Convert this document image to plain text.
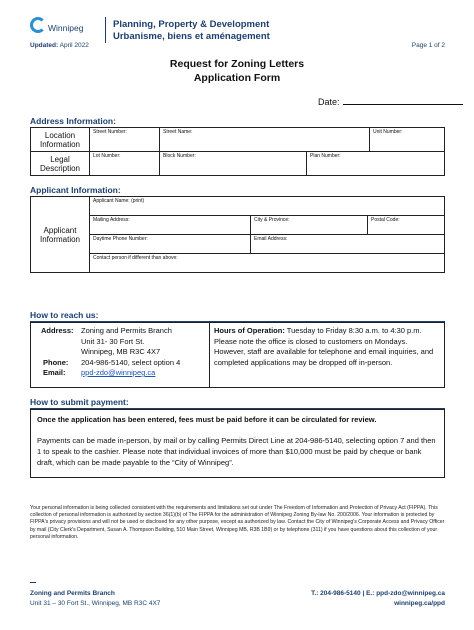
Winnipeg	Planning, Property & Development
Urbanisme, biens et aménagement
Updated: April 2022	Page 1 of 2
Request for Zoning Letters
Application Form
Date:
Address Information:
Location Information	Street Number:	Street Name:		Unit Number:
Legal Description	Lot Number:	Block Number:	Plan Number:	
Applicant Information:
Applicant Information	Applicant Name: (print)		
	Mailing Address:	City & Province:	Postal Code:
	Daytime Phone Number:	Email Address:	
	Contact person if different than above:		
How to reach us:
Address: Zoning and Permits Branch
Unit 31- 30 Fort St.
Winnipeg, MB R3C 4X7
Phone: 204-986-5140, select option 4
Email: ppd-zdo@winnipeg.ca
Hours of Operation: Tuesday to Friday 8:30 a.m. to 4:30 p.m. Please note the office is closed to customers on Mondays. However, staff are available for telephone and email inquiries, and completed applications may be dropped off in-person.
How to submit payment:
Once the application has been entered, fees must be paid before it can be circulated for review.
Payments can be made in-person, by mail or by calling Permits Direct Line at 204-986-5140, selecting option 7 and then 1 to speak to the cashier. Please note that individual invoices of more than $10,000 must be paid by cheque or bank draft, which can be made payable to the “City of Winnipeg”.
Your personal information is being collected consistent with the requirements and limitations set out under The Freedom of Information and Protection of Privacy Act (FIPPA). This collection of personal information is authorized by section 36(1)(b) of The FIPPA for the administration of Winnipeg Zoning By-law No. 200/2006. Your information is protected by FIPPA's privacy provisions and will not be used or disclosed for any other purpose, except as authorized by law. Contact the City of Winnipeg's Corporate Access and Privacy Officer by mail (City Clerk's Department, Susan A. Thompson Building, 510 Main Street, Winnipeg MB, R3B 1B9) or by telephone (311) if you have questions about this collection of your personal information.
Zoning and Permits Branch
Unit 31 – 30 Fort St., Winnipeg, MB R3C 4X7
T.: 204-986-5140 | E.: ppd-zdo@winnipeg.ca
winnipeg.ca/ppd
